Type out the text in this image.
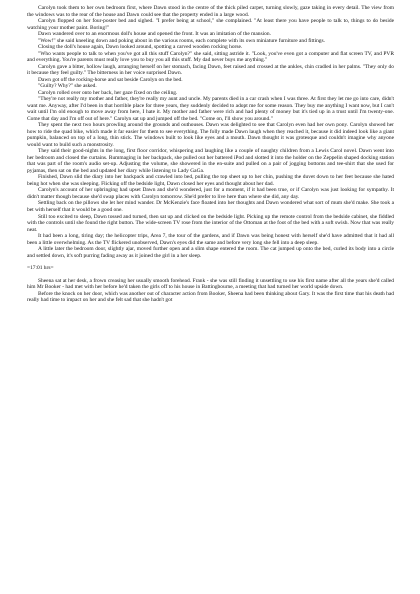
Carolyn took them to her own bedroom first, where Dawn stood in the centre of the thick piled carpet, turning slowly, gaze taking in every detail. The view from the windows was to the rear of the house and Dawn could see that the property ended in a large wood.

Carolyn flopped on her four-poster bed and sighed. "I prefer being at school," she complained. "At least there you have people to talk to, things to do beside watching your mother paint. Boring!"

Dawn wandered over to an enormous doll's house and opened the front. It was an imitation of the mansion.

"Wow!" she said kneeling down and poking about in the various rooms, each complete with its own miniature furniture and fittings.

Closing the doll's house again, Dawn looked around, spotting a carved wooden rocking horse.

"Who wants people to talk to when you've got all this stuff Carolyn?" she said, sitting astride it. "Look, you've even got a computer and flat screen TV, and PVR and everything. You're parents must really love you to buy you all this stuff. My dad never buys me anything."

Carolyn gave a bitter, hollow laugh, arranging herself on her stomach, facing Dawn, feet raised and crossed at the ankles, chin cradled in her palms. "They only do it because they feel guilty." The bitterness in her voice surprised Dawn.

Dawn got off the rocking-horse and sat beside Carolyn on the bed.

"Guilty? Why?" she asked.

Carolyn rolled over onto her back, her gaze fixed on the ceiling.

"They're not really my mother and father, they're really my aunt and uncle. My parents died in a car crash when I was three. At first they let me go into care, didn't want me. Anyway, after I'd been in that horrible place for three years, they suddenly decided to adopt me for some reason. They buy me anything I want now, but I can't wait until I'm old enough to move away from here, I hate it. My mother and father were rich and had plenty of money but it's tied up in a trust until I'm twenty-one. Come that day and I'm off out of here." Carolyn sat up and jumped off the bed. "Come on, I'll show you around."

They spent the next two hours prowling around the grounds and outhouses. Dawn was delighted to see that Carolyn even had her own pony. Carolyn showed her how to ride the quad bike, which made it far easier for them to see everything. The folly made Dawn laugh when they reached it, because it did indeed look like a giant pumpkin, balanced on top of a long, thin stick. The windows built to look like eyes and a mouth. Dawn thought it was grotesque and couldn't imagine why anyone would want to build such a monstrosity.

They said their good-nights in the long, first floor corridor, whispering and laughing like a couple of naughty children from a Lewis Carol novel. Dawn went into her bedroom and closed the curtains. Rummaging in her backpack, she pulled out her battered iPod and slotted it into the holder on the Zeppelin shaped docking station that was part of the room's audio set-up. Adjusting the volume, she showered in the en-suite and pulled on a pair of jogging bottoms and tee-shirt that she used for pyjamas, then sat on the bed and updated her diary while listening to Lady GaGa.

Finished, Dawn slid the diary into her backpack and crawled into bed, pulling the top sheet up to her chin, pushing the duvet down to her feet because she hated being hot when she was sleeping. Flicking off the bedside light, Dawn closed her eyes and thought about her dad.

Carolyn's account of her upbringing had upset Dawn and she'd wondered, just for a moment, if it had been true, or if Carolyn was just looking for sympathy. It didn't matter though because she'd swap places with Carolyn tomorrow. She'd prefer to live here than where she did, any day.

Settling back on the pillows she let her mind wander. Dr McKenzie's face floated into her thoughts and Dawn wondered what sort of mum she'd make. She took a bet with herself that it would be a good one.

Still too excited to sleep, Dawn tossed and turned, then sat up and clicked on the bedside light. Picking up the remote control from the bedside cabinet, she fiddled with the controls until she found the right button. The wide-screen TV rose from the interior of the Ottoman at the foot of the bed with a soft swish. Now that was really neat.

It had been a long, tiring day; the helicopter trips, Area 7, the tour of the gardens, and if Dawn was being honest with herself she'd have admitted that it had all been a little overwhelming. As the TV flickered unobserved, Dawn's eyes did the same and before very long she fell into a deep sleep.

A little later the bedroom door, slightly ajar, moved further open and a slim shape entered the room. The cat jumped up onto the bed, curled its body into a circle and settled down, it's soft purring fading away as it joined the girl in a her sleep.

=17:01 hrs=

Sheena sat at her desk, a frown creasing her usually smooth forehead. Frank - she was still finding it unsettling to use his first name after all the years she'd called him Mr Booker - had met with her before he'd taken the girls off to his house in Battingbourne, a meeting that had turned her world upside down.

Before the knock on her door, which was another out of character action from Booker, Sheena had been thinking about Gary. It was the first time that his death had really had time to impact on her and she felt sad that she hadn't got
